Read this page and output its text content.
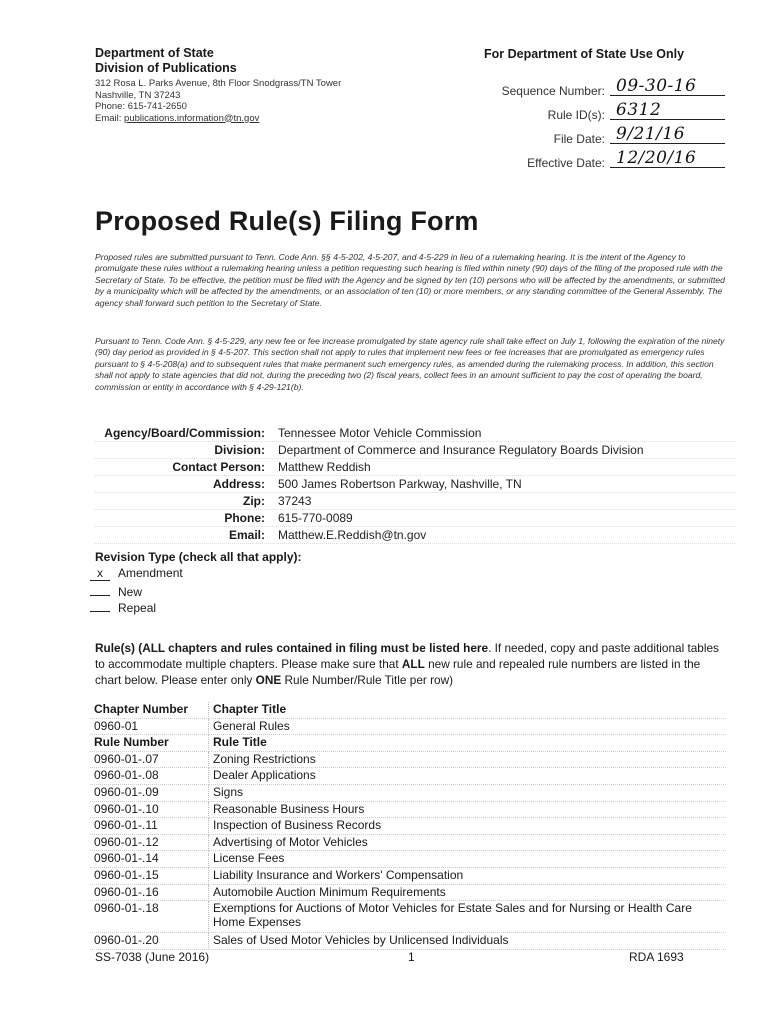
Department of State
Division of Publications
312 Rosa L. Parks Avenue, 8th Floor Snodgrass/TN Tower
Nashville, TN 37243
Phone: 615-741-2650
Email: publications.information@tn.gov
For Department of State Use Only
Sequence Number: 09-30-16
Rule ID(s): 6312
File Date: 9/21/16
Effective Date: 12/20/16
Proposed Rule(s) Filing Form
Proposed rules are submitted pursuant to Tenn. Code Ann. §§ 4-5-202, 4-5-207, and 4-5-229 in lieu of a rulemaking hearing. It is the intent of the Agency to promulgate these rules without a rulemaking hearing unless a petition requesting such hearing is filed within ninety (90) days of the filing of the proposed rule with the Secretary of State. To be effective, the petition must be filed with the Agency and be signed by ten (10) persons who will be affected by the amendments, or submitted by a municipality which will be affected by the amendments, or an association of ten (10) or more members, or any standing committee of the General Assembly. The agency shall forward such petition to the Secretary of State.
Pursuant to Tenn. Code Ann. § 4-5-229, any new fee or fee increase promulgated by state agency rule shall take effect on July 1, following the expiration of the ninety (90) day period as provided in § 4-5-207. This section shall not apply to rules that implement new fees or fee increases that are promulgated as emergency rules pursuant to § 4-5-208(a) and to subsequent rules that make permanent such emergency rules, as amended during the rulemaking process. In addition, this section shall not apply to state agencies that did not, during the preceding two (2) fiscal years, collect fees in an amount sufficient to pay the cost of operating the board, commission or entity in accordance with § 4-29-121(b).
Agency/Board/Commission: Tennessee Motor Vehicle Commission
Division: Department of Commerce and Insurance Regulatory Boards Division
Contact Person: Matthew Reddish
Address: 500 James Robertson Parkway, Nashville, TN
Zip: 37243
Phone: 615-770-0089
Email: Matthew.E.Reddish@tn.gov
Revision Type (check all that apply):
x Amendment
New
Repeal
Rule(s) (ALL chapters and rules contained in filing must be listed here. If needed, copy and paste additional tables to accommodate multiple chapters. Please make sure that ALL new rule and repealed rule numbers are listed in the chart below. Please enter only ONE Rule Number/Rule Title per row)
Chapter Number	Chapter Title
0960-01	General Rules
Rule Number	Rule Title
0960-01-.07	Zoning Restrictions
0960-01-.08	Dealer Applications
0960-01-.09	Signs
0960-01-.10	Reasonable Business Hours
0960-01-.11	Inspection of Business Records
0960-01-.12	Advertising of Motor Vehicles
0960-01-.14	License Fees
0960-01-.15	Liability Insurance and Workers' Compensation
0960-01-.16	Automobile Auction Minimum Requirements
0960-01-.18	Exemptions for Auctions of Motor Vehicles for Estate Sales and for Nursing or Health Care Home Expenses
0960-01-.20	Sales of Used Motor Vehicles by Unlicensed Individuals
SS-7038 (June 2016)	1	RDA 1693
